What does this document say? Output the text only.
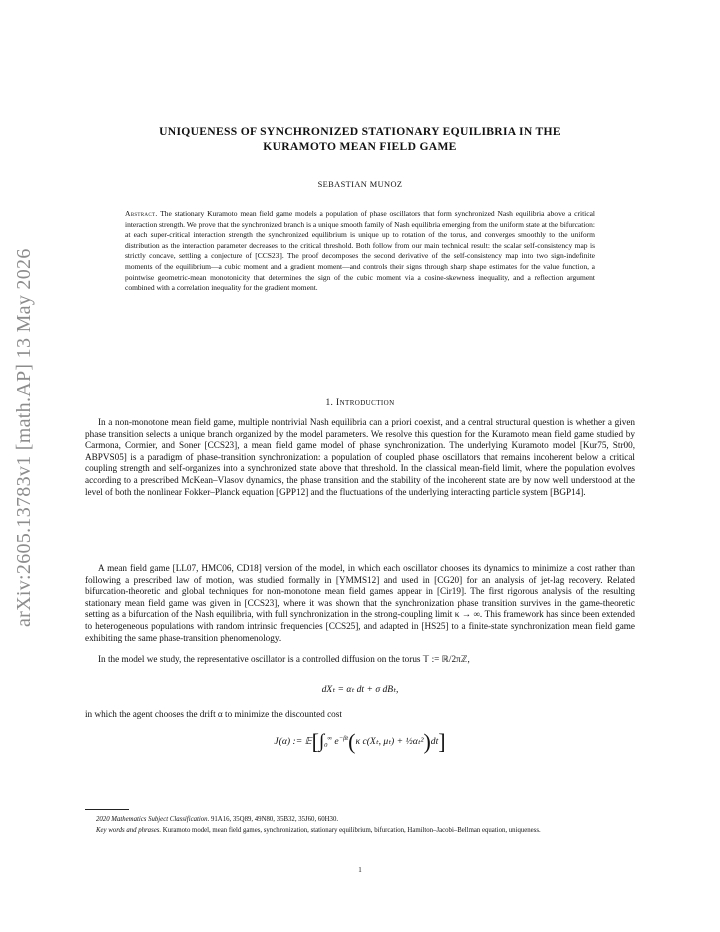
arXiv:2605.13783v1 [math.AP] 13 May 2026
UNIQUENESS OF SYNCHRONIZED STATIONARY EQUILIBRIA IN THE
KURAMOTO MEAN FIELD GAME
SEBASTIAN MUNOZ
Abstract. The stationary Kuramoto mean field game models a population of phase oscillators that form synchronized Nash equilibria above a critical interaction strength. We prove that the synchronized branch is a unique smooth family of Nash equilibria emerging from the uniform state at the bifurcation: at each super-critical interaction strength the synchronized equilibrium is unique up to rotation of the torus, and converges smoothly to the uniform distribution as the interaction parameter decreases to the critical threshold. Both follow from our main technical result: the scalar self-consistency map is strictly concave, settling a conjecture of [CCS23]. The proof decomposes the second derivative of the self-consistency map into two sign-indefinite moments of the equilibrium—a cubic moment and a gradient moment—and controls their signs through sharp shape estimates for the value function, a pointwise geometric-mean monotonicity that determines the sign of the cubic moment via a cosine-skewness inequality, and a reflection argument combined with a correlation inequality for the gradient moment.
1. Introduction
In a non-monotone mean field game, multiple nontrivial Nash equilibria can a priori coexist, and a central structural question is whether a given phase transition selects a unique branch organized by the model parameters. We resolve this question for the Kuramoto mean field game studied by Carmona, Cormier, and Soner [CCS23], a mean field game model of phase synchronization. The underlying Kuramoto model [Kur75, Str00, ABPVS05] is a paradigm of phase-transition synchronization: a population of coupled phase oscillators that remains incoherent below a critical coupling strength and self-organizes into a synchronized state above that threshold. In the classical mean-field limit, where the population evolves according to a prescribed McKean–Vlasov dynamics, the phase transition and the stability of the incoherent state are by now well understood at the level of both the nonlinear Fokker–Planck equation [GPP12] and the fluctuations of the underlying interacting particle system [BGP14].
A mean field game [LL07, HMC06, CD18] version of the model, in which each oscillator chooses its dynamics to minimize a cost rather than following a prescribed law of motion, was studied formally in [YMMS12] and used in [CG20] for an analysis of jet-lag recovery. Related bifurcation-theoretic and global techniques for non-monotone mean field games appear in [Cir19]. The first rigorous analysis of the resulting stationary mean field game was given in [CCS23], where it was shown that the synchronization phase transition survives in the game-theoretic setting as a bifurcation of the Nash equilibria, with full synchronization in the strong-coupling limit κ → ∞. This framework has since been extended to heterogeneous populations with random intrinsic frequencies [CCS25], and adapted in [HS25] to a finite-state synchronization mean field game exhibiting the same phase-transition phenomenology.
In the model we study, the representative oscillator is a controlled diffusion on the torus 𝕋 := ℝ/2πℤ,
dXₜ = αₜ dt + σ dBₜ,
in which the agent chooses the drift α to minimize the discounted cost
J(α) := $𝔼[\int_0^\infty$ $e^{-\beta t}(\kappa$ c(Xₜ, μₜ) + ½αₜ²)dt]
2020 Mathematics Subject Classification. 91A16, 35Q89, 49N80, 35B32, 35J60, 60H30.
Key words and phrases. Kuramoto model, mean field games, synchronization, stationary equilibrium, bifurcation, Hamilton–Jacobi–Bellman equation, uniqueness.
1
